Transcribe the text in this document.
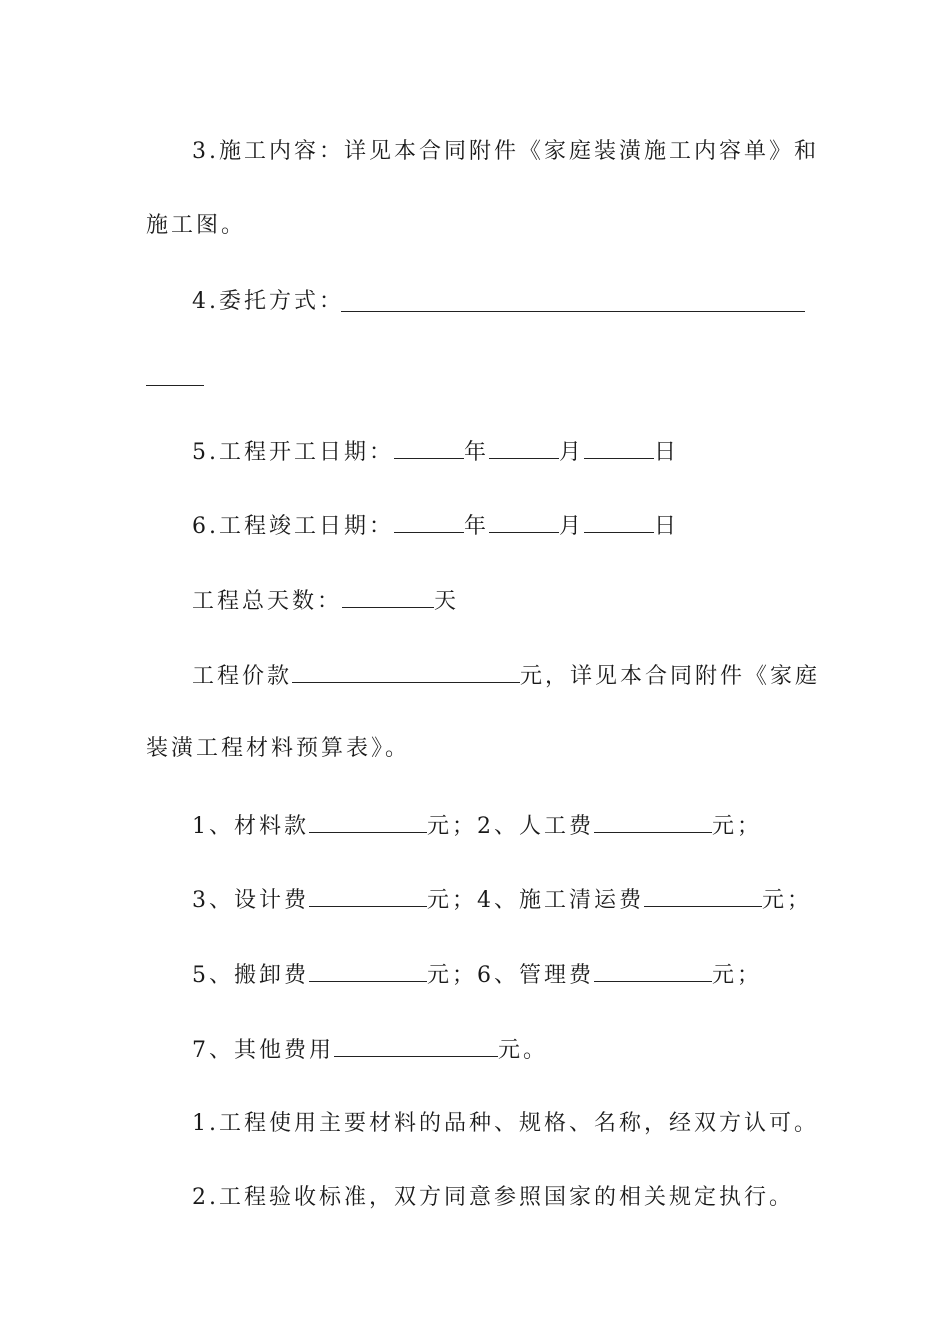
3.施工内容：详见本合同附件《家庭装潢施工内容单》和
施工图。
4.委托方式：
5.工程开工日期：	年	月	日
6.工程竣工日期：	年	月	日
工程总天数：	天
工程价款	元，详见本合同附件《家庭
装潢工程材料预算表》。
1、材料款	元；2、人工费	元；
3、设计费	元；4、施工清运费	元；
5、搬卸费	元；6、管理费	元；
7、其他费用	元。
1.工程使用主要材料的品种、规格、名称，经双方认可。
2.工程验收标准，双方同意参照国家的相关规定执行。
